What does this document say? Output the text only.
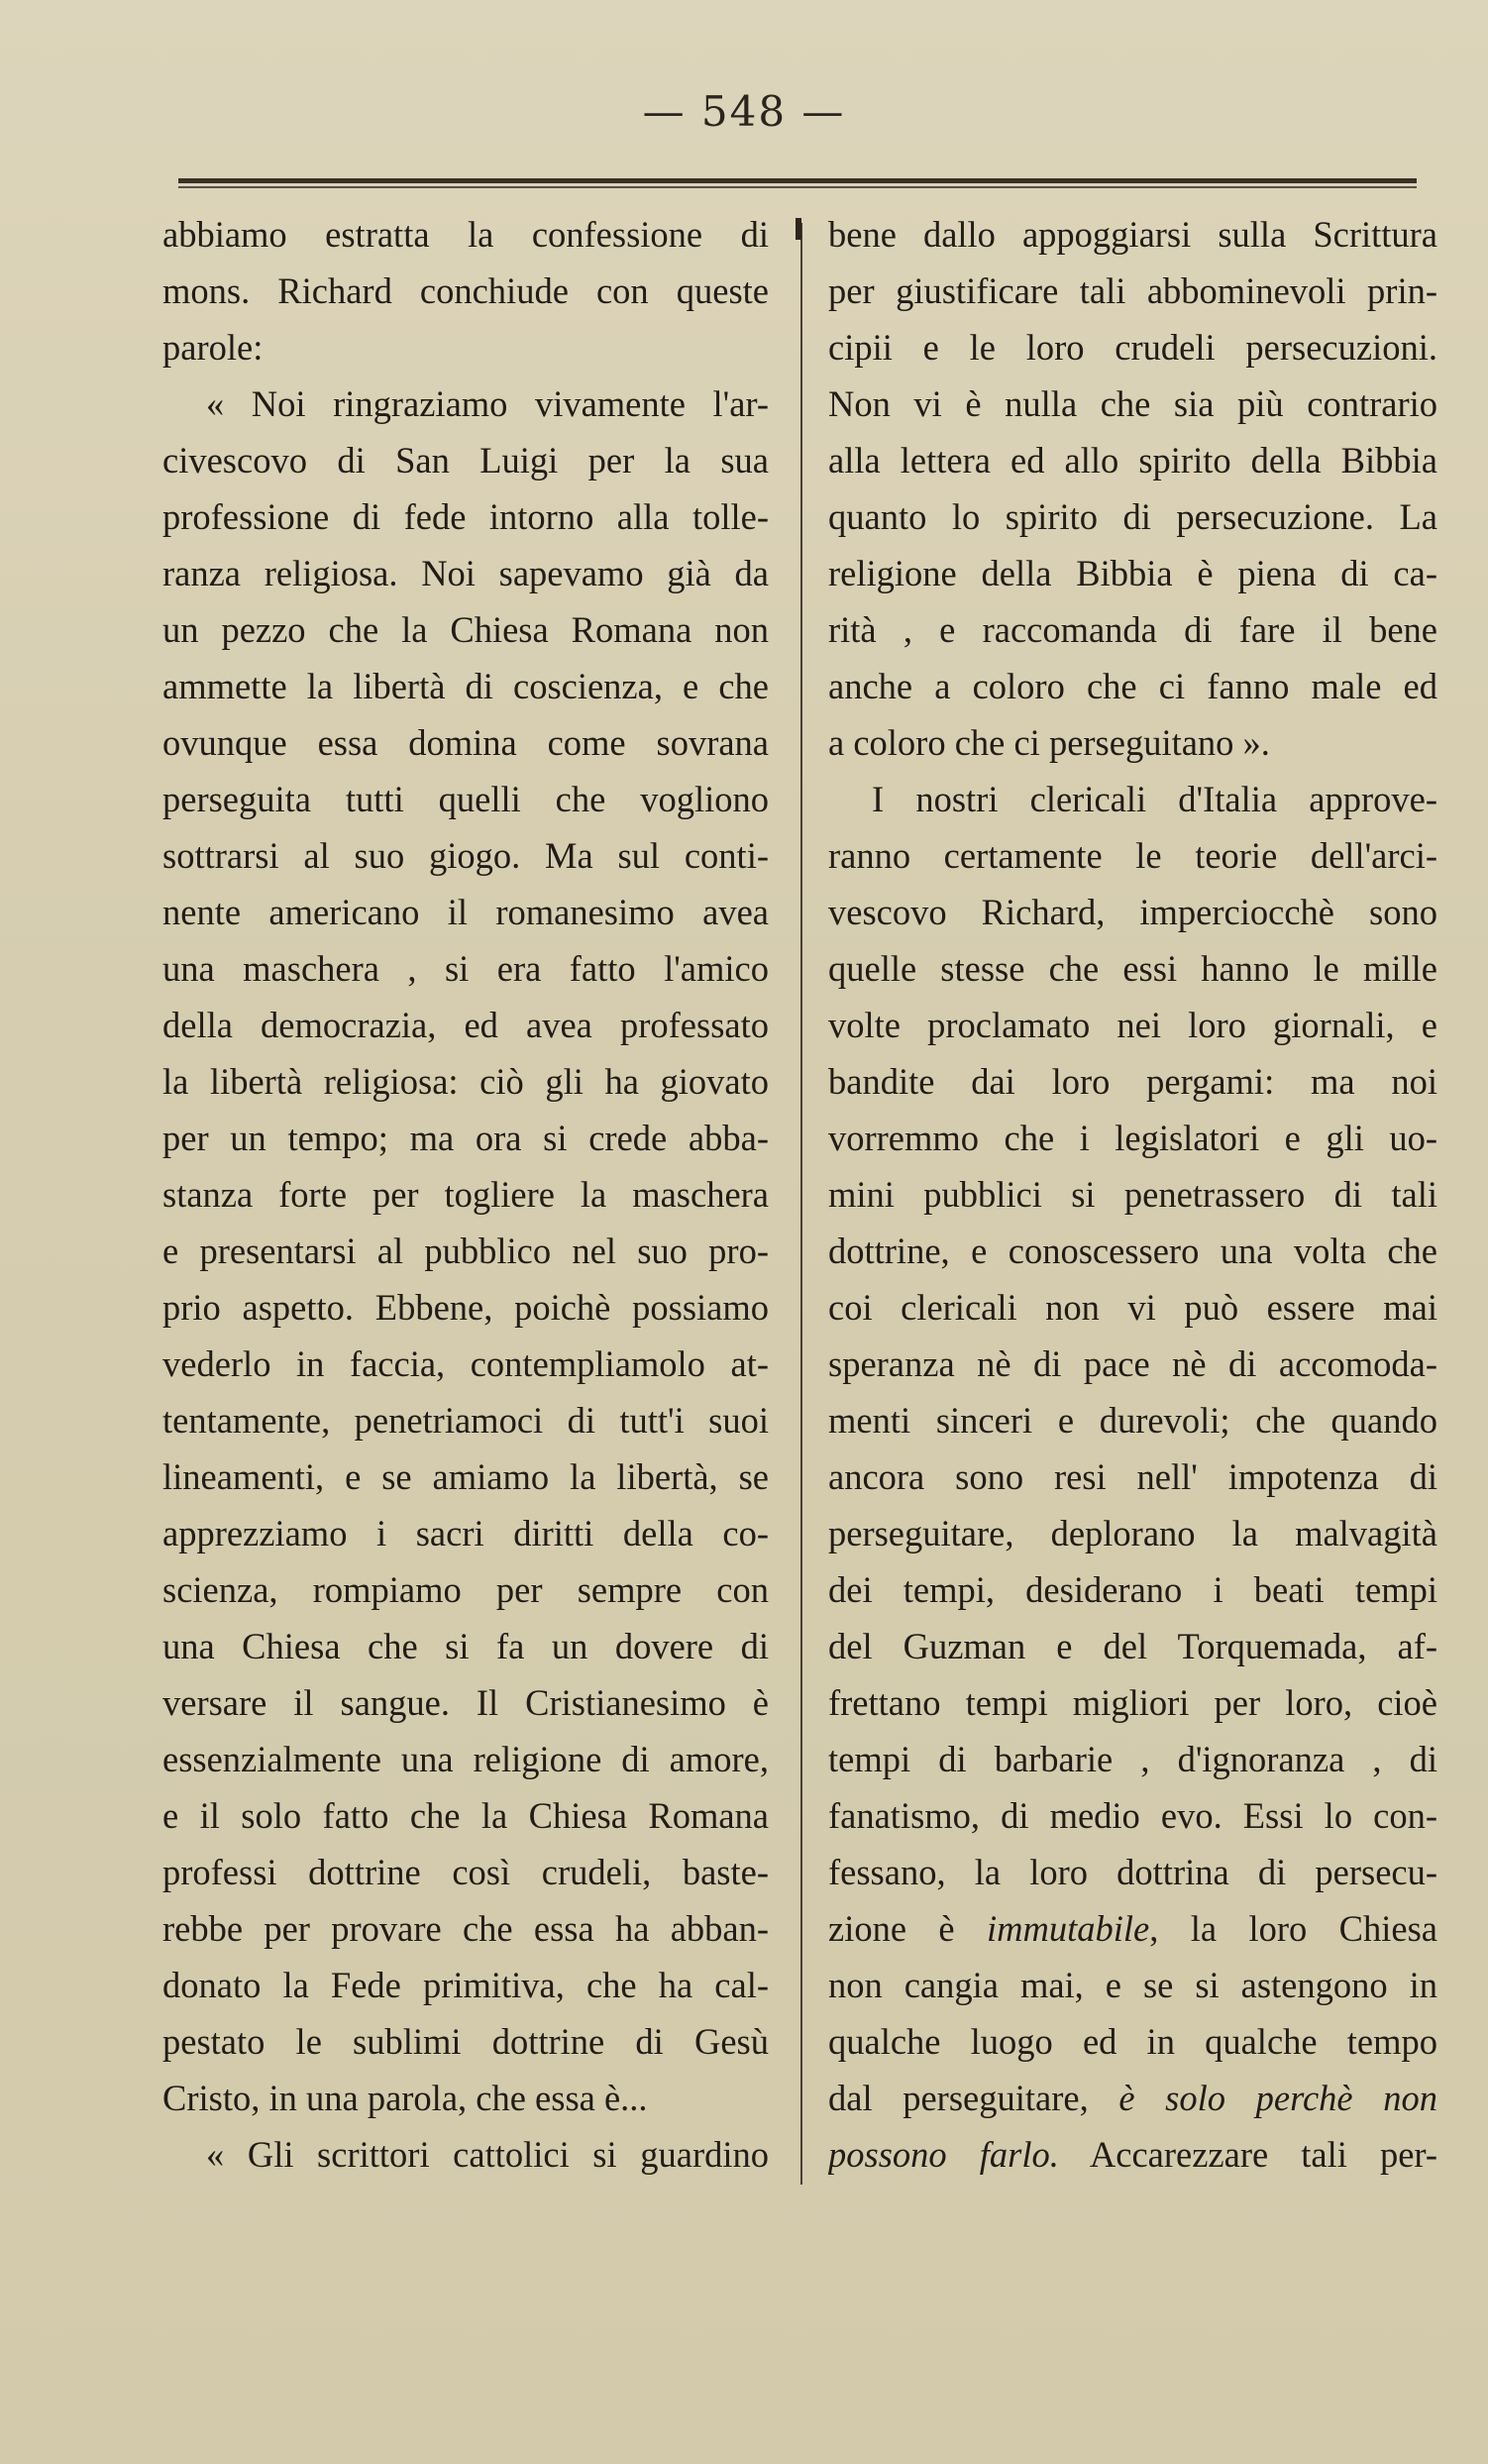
— 548 —
abbiamo estratta la confessione di
mons. Richard conchiude con queste
parole:
« Noi ringraziamo vivamente l'ar-
civescovo di San Luigi per la sua
professione di fede intorno alla tolle-
ranza religiosa. Noi sapevamo già da
un pezzo che la Chiesa Romana non
ammette la libertà di coscienza, e che
ovunque essa domina come sovrana
perseguita tutti quelli che vogliono
sottrarsi al suo giogo. Ma sul conti-
nente americano il romanesimo avea
una maschera , si era fatto l'amico
della democrazia, ed avea professato
la libertà religiosa: ciò gli ha giovato
per un tempo; ma ora si crede abba-
stanza forte per togliere la maschera
e presentarsi al pubblico nel suo pro-
prio aspetto. Ebbene, poichè possiamo
vederlo in faccia, contempliamolo at-
tentamente, penetriamoci di tutt'i suoi
lineamenti, e se amiamo la libertà, se
apprezziamo i sacri diritti della co-
scienza, rompiamo per sempre con
una Chiesa che si fa un dovere di
versare il sangue. Il Cristianesimo è
essenzialmente una religione di amore,
e il solo fatto che la Chiesa Romana
professi dottrine così crudeli, baste-
rebbe per provare che essa ha abban-
donato la Fede primitiva, che ha cal-
pestato le sublimi dottrine di Gesù
Cristo, in una parola, che essa è...
« Gli scrittori cattolici si guardino
bene dallo appoggiarsi sulla Scrittura
per giustificare tali abbominevoli prin-
cipii e le loro crudeli persecuzioni.
Non vi è nulla che sia più contrario
alla lettera ed allo spirito della Bibbia
quanto lo spirito di persecuzione. La
religione della Bibbia è piena di ca-
rità , e raccomanda di fare il bene
anche a coloro che ci fanno male ed
a coloro che ci perseguitano ».
I nostri clericali d'Italia approve-
ranno certamente le teorie dell'arci-
vescovo Richard, imperciocchè sono
quelle stesse che essi hanno le mille
volte proclamato nei loro giornali, e
bandite dai loro pergami: ma noi
vorremmo che i legislatori e gli uo-
mini pubblici si penetrassero di tali
dottrine, e conoscessero una volta che
coi clericali non vi può essere mai
speranza nè di pace nè di accomoda-
menti sinceri e durevoli; che quando
ancora sono resi nell' impotenza di
perseguitare, deplorano la malvagità
dei tempi, desiderano i beati tempi
del Guzman e del Torquemada, af-
frettano tempi migliori per loro, cioè
tempi di barbarie , d'ignoranza , di
fanatismo, di medio evo. Essi lo con-
fessano, la loro dottrina di persecu-
zione è immutabile, la loro Chiesa
non cangia mai, e se si astengono in
qualche luogo ed in qualche tempo
dal perseguitare, è solo perchè non
possono farlo. Accarezzare tali per-
